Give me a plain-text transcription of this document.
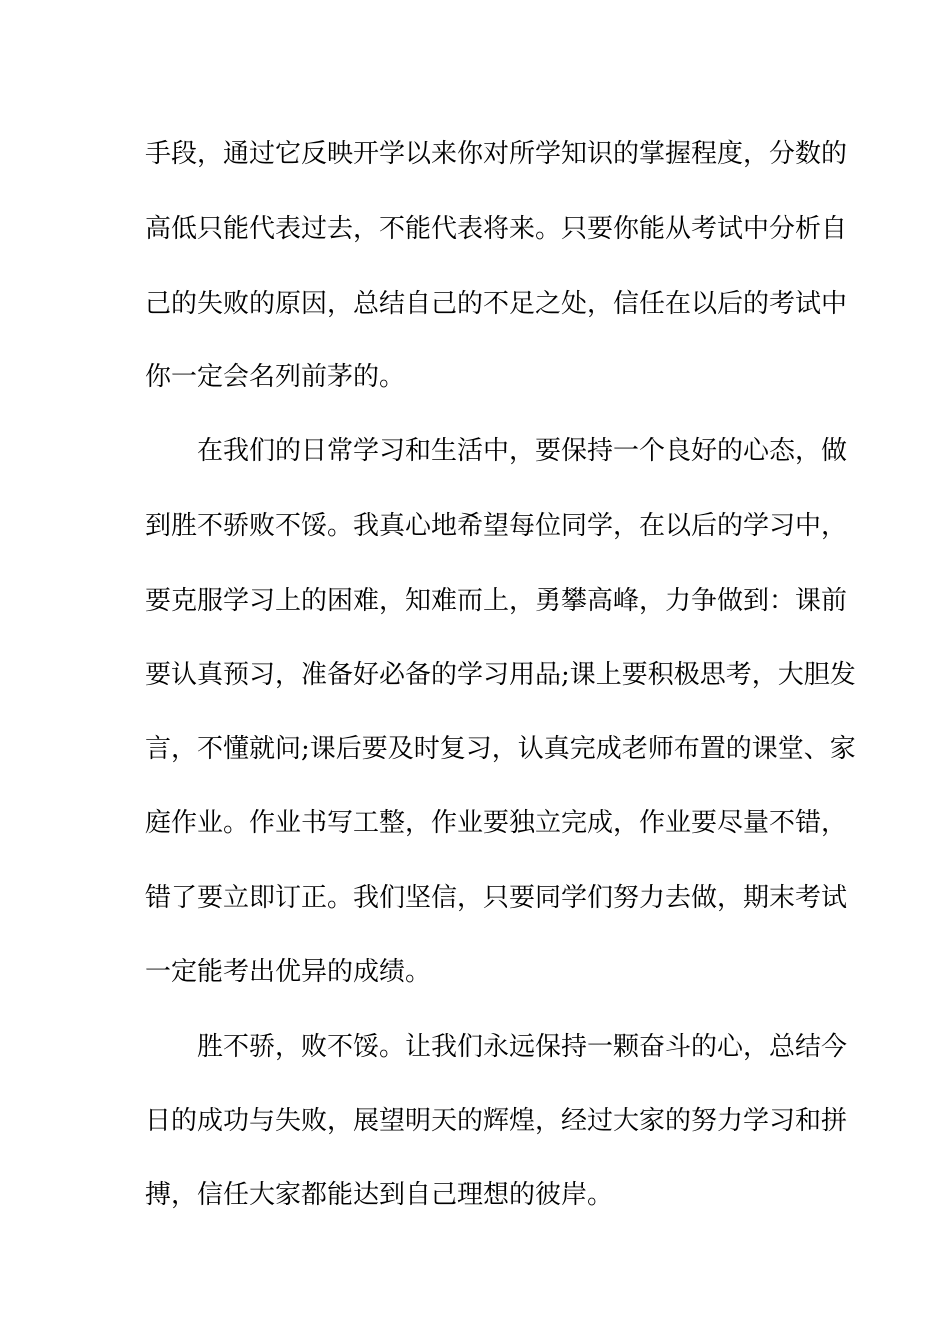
手段，通过它反映开学以来你对所学知识的掌握程度，分数的
高低只能代表过去，不能代表将来。只要你能从考试中分析自
己的失败的原因，总结自己的不足之处，信任在以后的考试中
你一定会名列前茅的。
在我们的日常学习和生活中，要保持一个良好的心态，做
到胜不骄败不馁。我真心地希望每位同学，在以后的学习中，
要克服学习上的困难，知难而上，勇攀高峰，力争做到：课前
要认真预习，准备好必备的学习用品;课上要积极思考，大胆发
言，不懂就问;课后要及时复习，认真完成老师布置的课堂、家
庭作业。作业书写工整，作业要独立完成，作业要尽量不错，
错了要立即订正。我们坚信，只要同学们努力去做，期末考试
一定能考出优异的成绩。
胜不骄，败不馁。让我们永远保持一颗奋斗的心，总结今
日的成功与失败，展望明天的辉煌，经过大家的努力学习和拼
搏，信任大家都能达到自己理想的彼岸。
